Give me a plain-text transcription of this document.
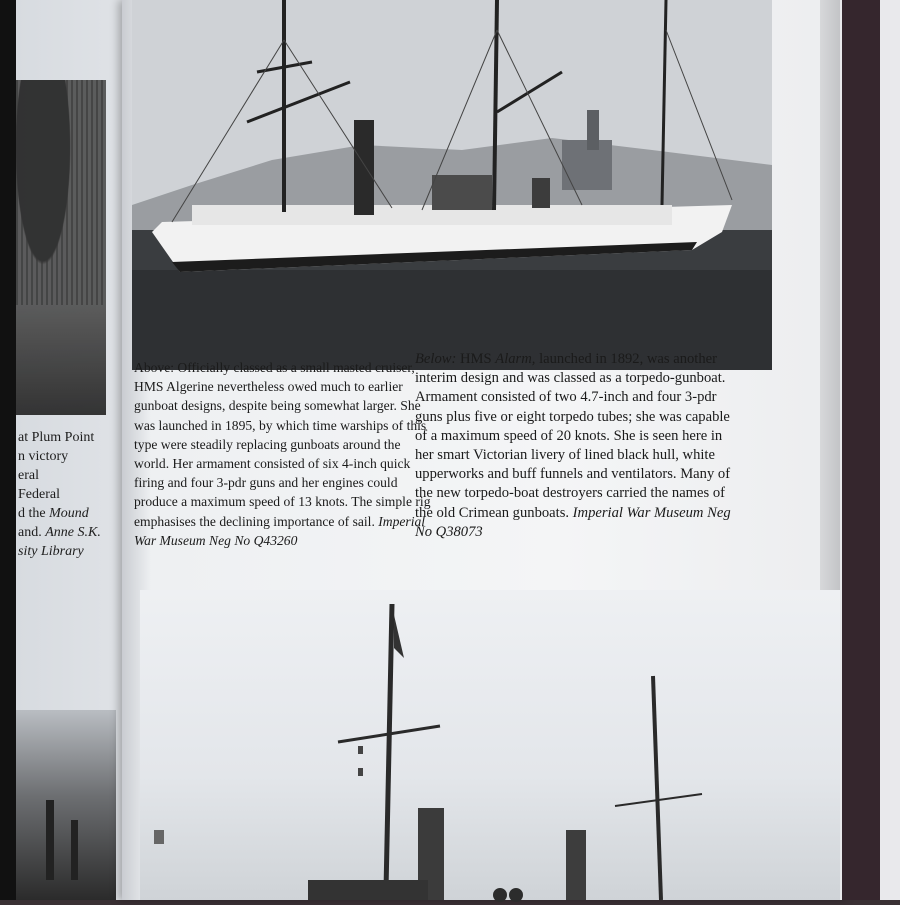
at Plum Point
n victory
eral
Federal
d the Mound
and. Anne S.K.
sity Library
Above: Officially classed as a small masted cruiser,
HMS Algerine nevertheless owed much to earlier
gunboat designs, despite being somewhat larger. She
was launched in 1895, by which time warships of this
type were steadily replacing gunboats around the
world. Her armament consisted of six 4-inch quick
firing and four 3-pdr guns and her engines could
produce a maximum speed of 13 knots. The simple rig
emphasises the declining importance of sail. Imperial
War Museum Neg No Q43260
Below: HMS Alarm, launched in 1892, was another
interim design and was classed as a torpedo-gunboat.
Armament consisted of two 4.7-inch and four 3-pdr
guns plus five or eight torpedo tubes; she was capable
of a maximum speed of 20 knots. She is seen here in
her smart Victorian livery of lined black hull, white
upperworks and buff funnels and ventilators. Many of
the new torpedo-boat destroyers carried the names of
the old Crimean gunboats. Imperial War Museum Neg
No Q38073
